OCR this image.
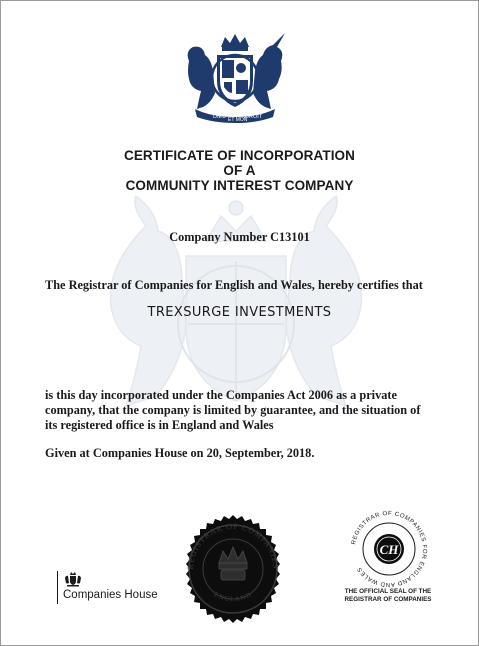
DIEU ET MON
DROIT
CERTIFICATE OF INCORPORATION
OF A
COMMUNITY INTEREST COMPANY
Company Number C13101
The Registrar of Companies for English and Wales, hereby certifies that
TREXSURGE INVESTMENTS
is this day incorporated under the Companies Act 2006 as a private
company, that the company is limited by guarantee, and the situation of
its registered office is in England and Wales
Given at Companies House on 20, September, 2018.
Companies House
REGISTRAR OF COMPANIES
ENGLAND
REGISTRAR OF COMPANIES FOR ENGLAND AND WALES
CH
THE OFFICIAL SEAL OF THE
REGISTRAR OF COMPANIES
